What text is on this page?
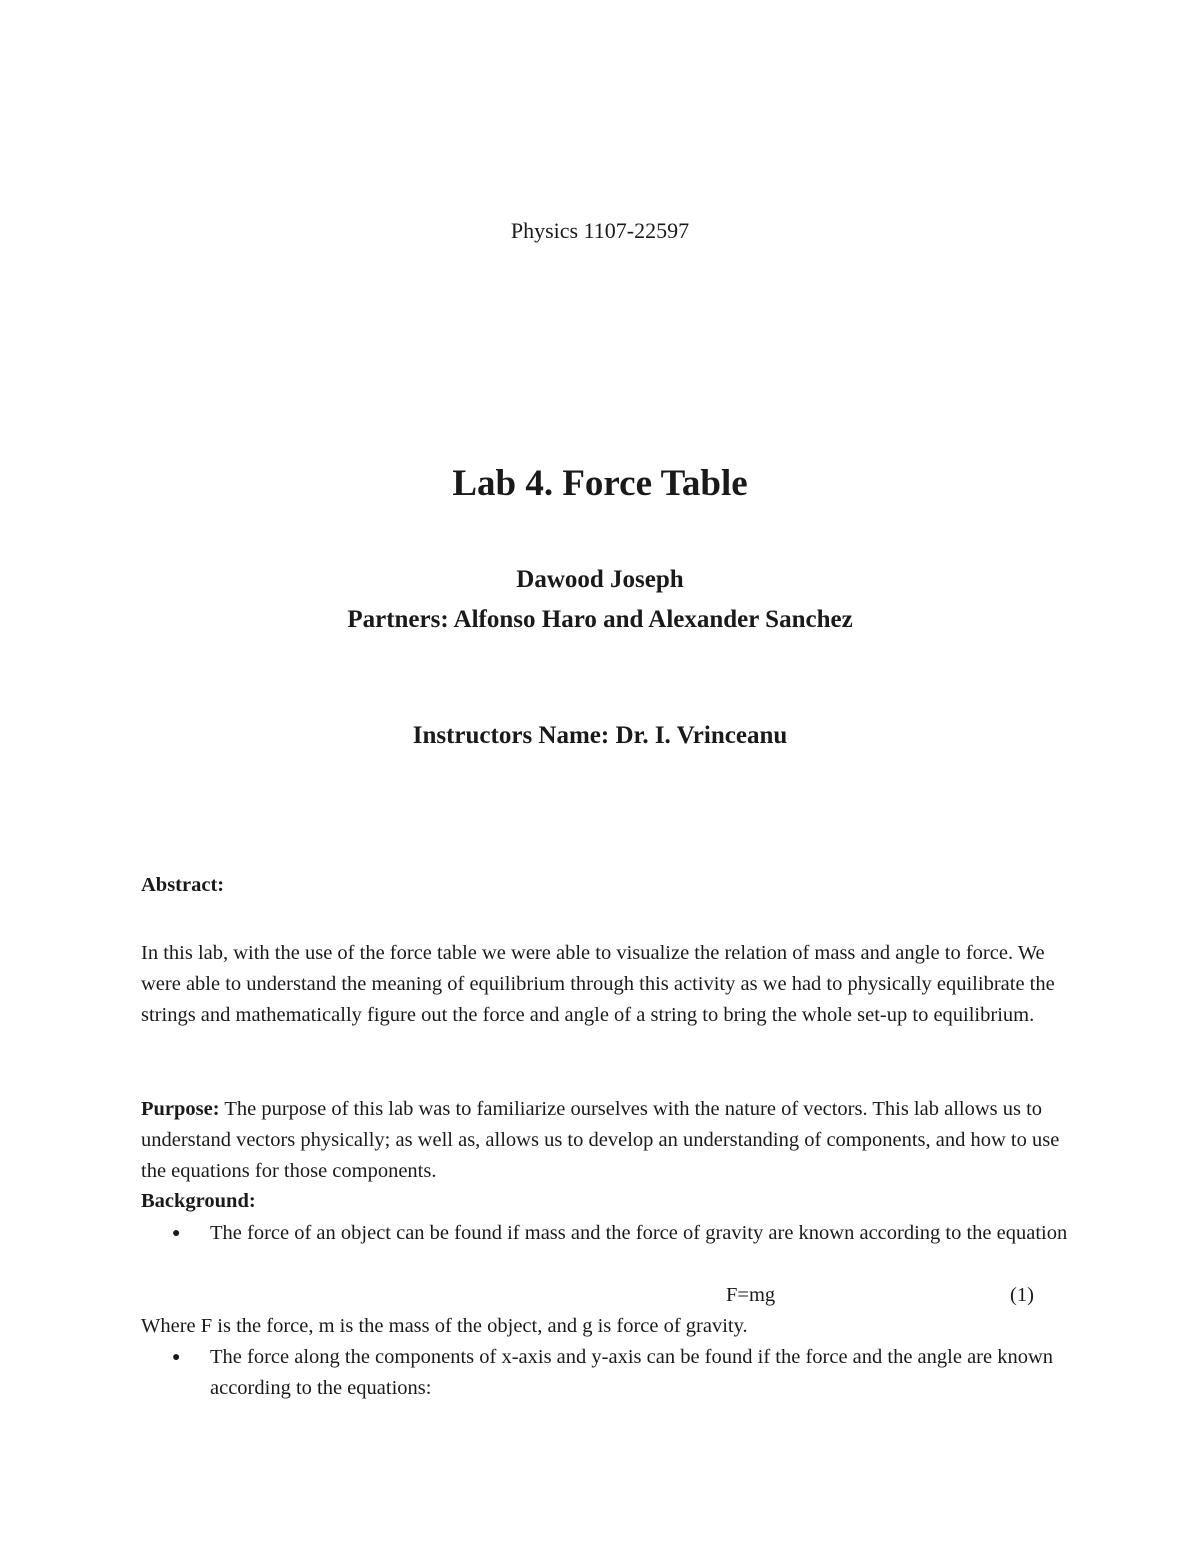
Physics 1107-22597
Lab 4. Force Table
Dawood Joseph
Partners: Alfonso Haro and Alexander Sanchez
Instructors Name: Dr. I. Vrinceanu
Abstract:
In this lab, with the use of the force table we were able to visualize the relation of mass and angle to force. We were able to understand the meaning of equilibrium through this activity as we had to physically equilibrate the strings and mathematically figure out the force and angle of a string to bring the whole set-up to equilibrium.
Purpose: The purpose of this lab was to familiarize ourselves with the nature of vectors. This lab allows us to understand vectors physically; as well as, allows us to develop an understanding of components, and how to use the equations for those components.
Background:
●	The force of an object can be found if mass and the force of gravity are known according to the equation
F=mg	(1)
Where F is the force, m is the mass of the object, and g is force of gravity.
●	The force along the components of x-axis and y-axis can be found if the force and the angle are known according to the equations:
